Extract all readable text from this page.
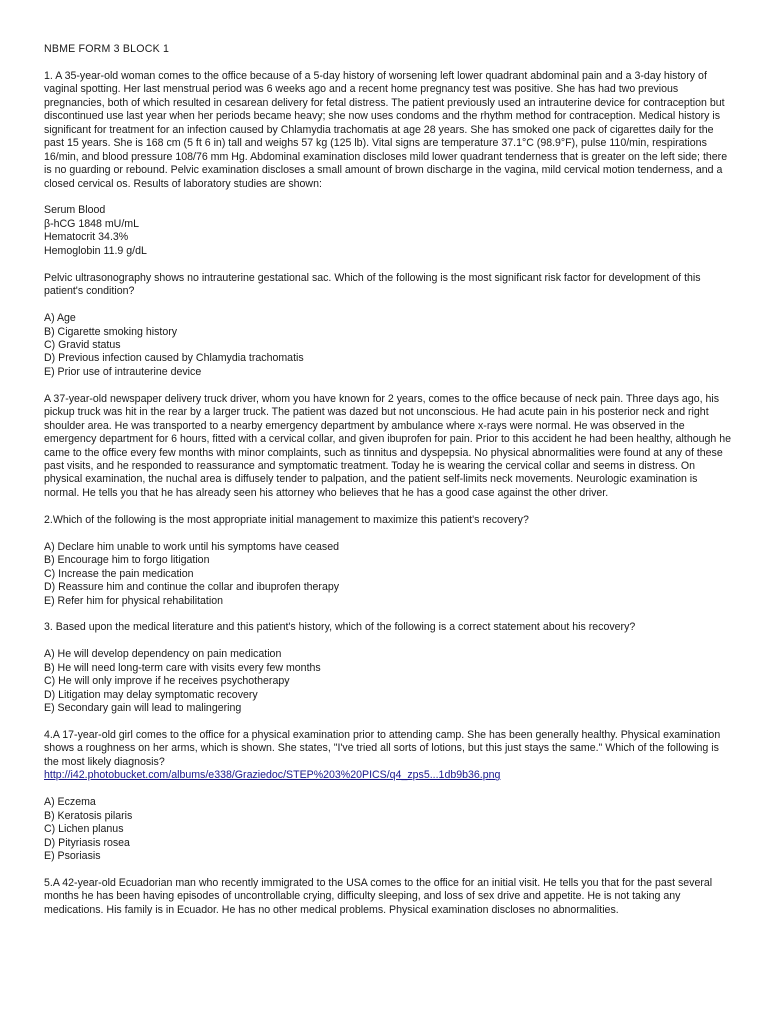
NBME FORM 3 BLOCK 1

1. A 35-year-old woman comes to the office because of a 5-day history of worsening left lower quadrant abdominal pain and a 3-day history of vaginal spotting. Her last menstrual period was 6 weeks ago and a recent home pregnancy test was positive. She has had two previous pregnancies, both of which resulted in cesarean delivery for fetal distress. The patient previously used an intrauterine device for contraception but discontinued use last year when her periods became heavy; she now uses condoms and the rhythm method for contraception. Medical history is significant for treatment for an infection caused by Chlamydia trachomatis at age 28 years. She has smoked one pack of cigarettes daily for the past 15 years. She is 168 cm (5 ft 6 in) tall and weighs 57 kg (125 lb). Vital signs are temperature 37.1°C (98.9°F), pulse 110/min, respirations 16/min, and blood pressure 108/76 mm Hg. Abdominal examination discloses mild lower quadrant tenderness that is greater on the left side; there is no guarding or rebound. Pelvic examination discloses a small amount of brown discharge in the vagina, mild cervical motion tenderness, and a closed cervical os. Results of laboratory studies are shown:

Serum Blood
β-hCG 1848 mU/mL
Hematocrit 34.3%
Hemoglobin 11.9 g/dL

Pelvic ultrasonography shows no intrauterine gestational sac. Which of the following is the most significant risk factor for development of this patient's condition?

A) Age
B) Cigarette smoking history
C) Gravid status
D) Previous infection caused by Chlamydia trachomatis
E) Prior use of intrauterine device

A 37-year-old newspaper delivery truck driver, whom you have known for 2 years, comes to the office because of neck pain. Three days ago, his pickup truck was hit in the rear by a larger truck. The patient was dazed but not unconscious. He had acute pain in his posterior neck and right shoulder area. He was transported to a nearby emergency department by ambulance where x-rays were normal. He was observed in the emergency department for 6 hours, fitted with a cervical collar, and given ibuprofen for pain. Prior to this accident he had been healthy, although he came to the office every few months with minor complaints, such as tinnitus and dyspepsia. No physical abnormalities were found at any of these past visits, and he responded to reassurance and symptomatic treatment. Today he is wearing the cervical collar and seems in distress. On physical examination, the nuchal area is diffusely tender to palpation, and the patient self-limits neck movements. Neurologic examination is normal. He tells you that he has already seen his attorney who believes that he has a good case against the other driver.

2.Which of the following is the most appropriate initial management to maximize this patient's recovery?

A) Declare him unable to work until his symptoms have ceased
B) Encourage him to forgo litigation
C) Increase the pain medication
D) Reassure him and continue the collar and ibuprofen therapy
E) Refer him for physical rehabilitation

3. Based upon the medical literature and this patient's history, which of the following is a correct statement about his recovery?

A) He will develop dependency on pain medication
B) He will need long-term care with visits every few months
C) He will only improve if he receives psychotherapy
D) Litigation may delay symptomatic recovery
E) Secondary gain will lead to malingering

4.A 17-year-old girl comes to the office for a physical examination prior to attending camp. She has been generally healthy. Physical examination shows a roughness on her arms, which is shown. She states, "I've tried all sorts of lotions, but this just stays the same." Which of the following is the most likely diagnosis?

http://i42.photobucket.com/albums/e338/Graziedoc/STEP%203%20PICS/q4_zps5...1db9b36.png
A) Eczema
B) Keratosis pilaris
C) Lichen planus
D) Pityriasis rosea
E) Psoriasis

5.A 42-year-old Ecuadorian man who recently immigrated to the USA comes to the office for an initial visit. He tells you that for the past several months he has been having episodes of uncontrollable crying, difficulty sleeping, and loss of sex drive and appetite. He is not taking any medications. His family is in Ecuador. He has no other medical problems. Physical examination discloses no abnormalities.
